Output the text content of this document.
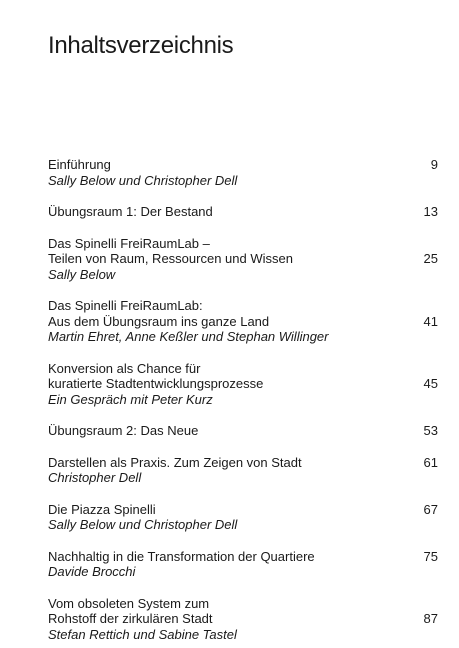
Inhaltsverzeichnis
Einführung
Sally Below und Christopher Dell
9
Übungsraum 1: Der Bestand	13
Das Spinelli FreiRaumLab –
Teilen von Raum, Ressourcen und Wissen
Sally Below
25
Das Spinelli FreiRaumLab:
Aus dem Übungsraum ins ganze Land
Martin Ehret, Anne Keßler und Stephan Willinger
41
Konversion als Chance für
kuratierte Stadtentwicklungsprozesse
Ein Gespräch mit Peter Kurz
45
Übungsraum 2: Das Neue	53
Darstellen als Praxis. Zum Zeigen von Stadt
Christopher Dell
61
Die Piazza Spinelli
Sally Below und Christopher Dell
67
Nachhaltig in die Transformation der Quartiere
Davide Brocchi
75
Vom obsoleten System zum
Rohstoff der zirkulären Stadt
Stefan Rettich und Sabine Tastel
87
